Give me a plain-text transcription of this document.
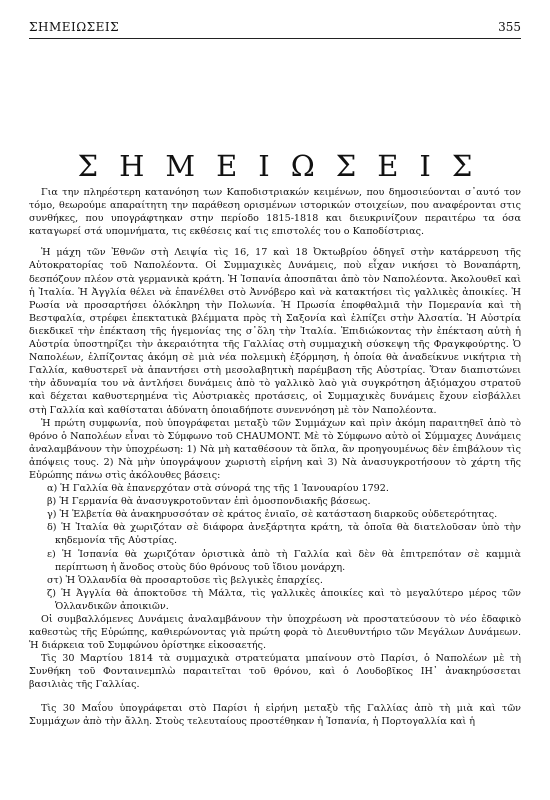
ΣΗΜΕΙΩΣΕΙΣ	355
ΣΗΜΕΙΩΣΕΙΣ

Για την πληρέστερη κατανόηση των Καποδιστριακών κειμένων, που δημοσιεύονται σ᾽αυτό τον τόμο, θεωρούμε απαραίτητη την παράθεση ορισμένων ιστορικών στοιχείων, που αναφέρονται στις συνθήκες, που υπογράφτηκαν στην περίοδο 1815-1818 και διευκρινίζουν περαιτέρω τα όσα καταγωρεί στά υπομνήματα, τις εκθέσεις καί τις επιστολές του ο Καποδίστριας.

Ἡ μάχη τῶν Ἐθνῶν στὴ Λειψία τὶς 16, 17 καὶ 18 Ὀκτωβρίου ὁδηγεῖ στὴν κατάρρευση τῆς Αὐτοκρατορίας τοῦ Ναπολέοντα. Οἱ Συμμαχικὲς Δυνάμεις, ποὺ εἶχαν νικήσει τὸ Βοναπάρτη, δεσπόζουν πλέον στὰ γερμανικὰ κράτη. Ἡ Ἱσπανία ἀποσπᾶται ἀπὸ τὸν Ναπολέοντα. Ἀκολουθεῖ καὶ ἡ Ἰταλία. Ἡ Ἀγγλία θέλει νὰ ἐπανέλθει στὸ Ἀννόβερο καὶ νὰ κατακτήσει τὶς γαλλικὲς ἀποικίες. Ἡ Ρωσία νὰ προσαρτήσει ὁλόκληρη τὴν Πολωνία. Ἡ Πρωσία ἐποφθαλμιᾶ τὴν Πομερανία καὶ τὴ Βεστφαλία, στρέφει ἐπεκτατικὰ βλέμματα πρὸς τὴ Σαξονία καὶ ἐλπίζει στὴν Ἀλσατία. Ἡ Αὐστρία διεκδικεῖ τὴν ἐπέκταση τῆς ἡγεμονίας της σ᾽ὅλη τὴν Ἰταλία. Ἐπιδιώκοντας τὴν ἐπέκταση αὐτὴ ἡ Αὐστρία ὑποστηρίζει τὴν ἀκεραιότητα τῆς Γαλλίας στὴ συμμαχικὴ σύσκεψη τῆς Φραγκφούρτης. Ὁ Ναπολέων, ἐλπίζοντας ἀκόμη σὲ μιὰ νέα πολεμικὴ ἐξόρμηση, ἡ ὁποία θὰ ἀναδείκνυε νικήτρια τὴ Γαλλία, καθυστερεῖ νὰ ἀπαντήσει στὴ μεσολαβητικὴ παρέμβαση τῆς Αὐστρίας. Ὅταν διαπιστώνει τὴν ἀδυναμία του νὰ ἀντλήσει δυνάμεις ἀπὸ τὸ γαλλικὸ λαὸ γιὰ συγκρότηση ἀξιόμαχου στρατοῦ καὶ δέχεται καθυστερημένα τὶς Αὐστριακὲς προτάσεις, οἱ Συμμαχικὲς δυνάμεις ἔχουν εἰσβάλλει στὴ Γαλλία καὶ καθίσταται ἀδύνατη ὁποιαδήποτε συνεννόηση μὲ τὸν Ναπολέοντα.

Ἡ πρώτη συμφωνία, ποὺ ὑπογράφεται μεταξὺ τῶν Συμμάχων καὶ πρὶν ἀκόμη παραιτηθεῖ ἀπὸ τὸ θρόνο ὁ Ναπολέων εἶναι τὸ Σύμφωνο τοῦ CHAUMONT. Μὲ τὸ Σύμφωνο αὐτὸ οἱ Σύμμαχες Δυνάμεις ἀναλαμβάνουν τὴν ὑποχρέωση: 1) Νὰ μὴ καταθέσουν τὰ ὅπλα, ἂν προηγουμένως δὲν ἐπιβάλουν τὶς ἀπόψεις τους. 2) Νὰ μὴν ὑπογράψουν χωριστὴ εἰρήνη καὶ 3) Νὰ ἀνασυγκροτήσουν τὸ χάρτη τῆς Εὐρώπης πάνω στὶς ἀκόλουθες βάσεις:

α) Ἡ Γαλλία θὰ ἐπανερχόταν στὰ σύνορά της τῆς 1 Ἰανουαρίου 1792.

β) Ἡ Γερμανία θὰ ἀνασυγκροτοῦνταν ἐπὶ ὁμοσπονδιακῆς βάσεως.

γ) Ἡ Ἑλβετία θὰ ἀνακηρυσσόταν σὲ κράτος ἑνιαῖο, σὲ κατάσταση διαρκοῦς οὐδετερότητας.

δ) Ἡ Ἰταλία θὰ χωριζόταν σὲ διάφορα ἀνεξάρτητα κράτη, τὰ ὁποῖα θὰ διατελοῦσαν ὑπὸ τὴν κηδεμονία τῆς Αὐστρίας.

ε) Ἡ Ἱσπανία θὰ χωριζόταν ὁριστικὰ ἀπὸ τὴ Γαλλία καὶ δὲν θὰ ἐπιτρεπόταν σὲ καμμιὰ περίπτωση ἡ ἄνοδος στοὺς δύο θρόνους τοῦ ἴδιου μονάρχη.

στ) Ἡ Ὁλλανδία θὰ προσαρτοῦσε τὶς βελγικὲς ἐπαρχίες.

ζ) Ἡ Ἀγγλία θὰ ἀποκτοῦσε τὴ Μάλτα, τὶς γαλλικὲς ἀποικίες καὶ τὸ μεγαλύτερο μέρος τῶν Ὁλλανδικῶν ἀποικιῶν.

Οἱ συμβαλλόμενες Δυνάμεις ἀναλαμβάνουν τὴν ὑποχρέωση νὰ προστατεύσουν τὸ νέο ἐδαφικὸ καθεστὼς τῆς Εὐρώπης, καθιερώνοντας γιὰ πρώτη φορὰ τὸ Διευθυντήριο τῶν Μεγάλων Δυνάμεων. Ἡ διάρκεια τοῦ Συμφώνου ὁρίστηκε εἰκοσαετής.

Τὶς 30 Μαρτίου 1814 τὰ συμμαχικὰ στρατεύματα μπαίνουν στὸ Παρίσι, ὁ Ναπολέων μὲ τὴ Συνθήκη τοῦ Φονταινεμπλὼ παραιτεῖται τοῦ θρόνου, καὶ ὁ Λουδοβῖκος ΙΗ᾽ ἀνακηρύσσεται βασιλιὰς τῆς Γαλλίας.

Τὶς 30 Μαΐου ὑπογράφεται στὸ Παρίσι ἡ εἰρήνη μεταξὺ τῆς Γαλλίας ἀπὸ τὴ μιὰ καὶ τῶν Συμμάχων ἀπὸ τὴν ἄλλη. Στοὺς τελευταίους προστέθηκαν ἡ Ἱσπανία, ἡ Πορτογαλλία καὶ ἡ
